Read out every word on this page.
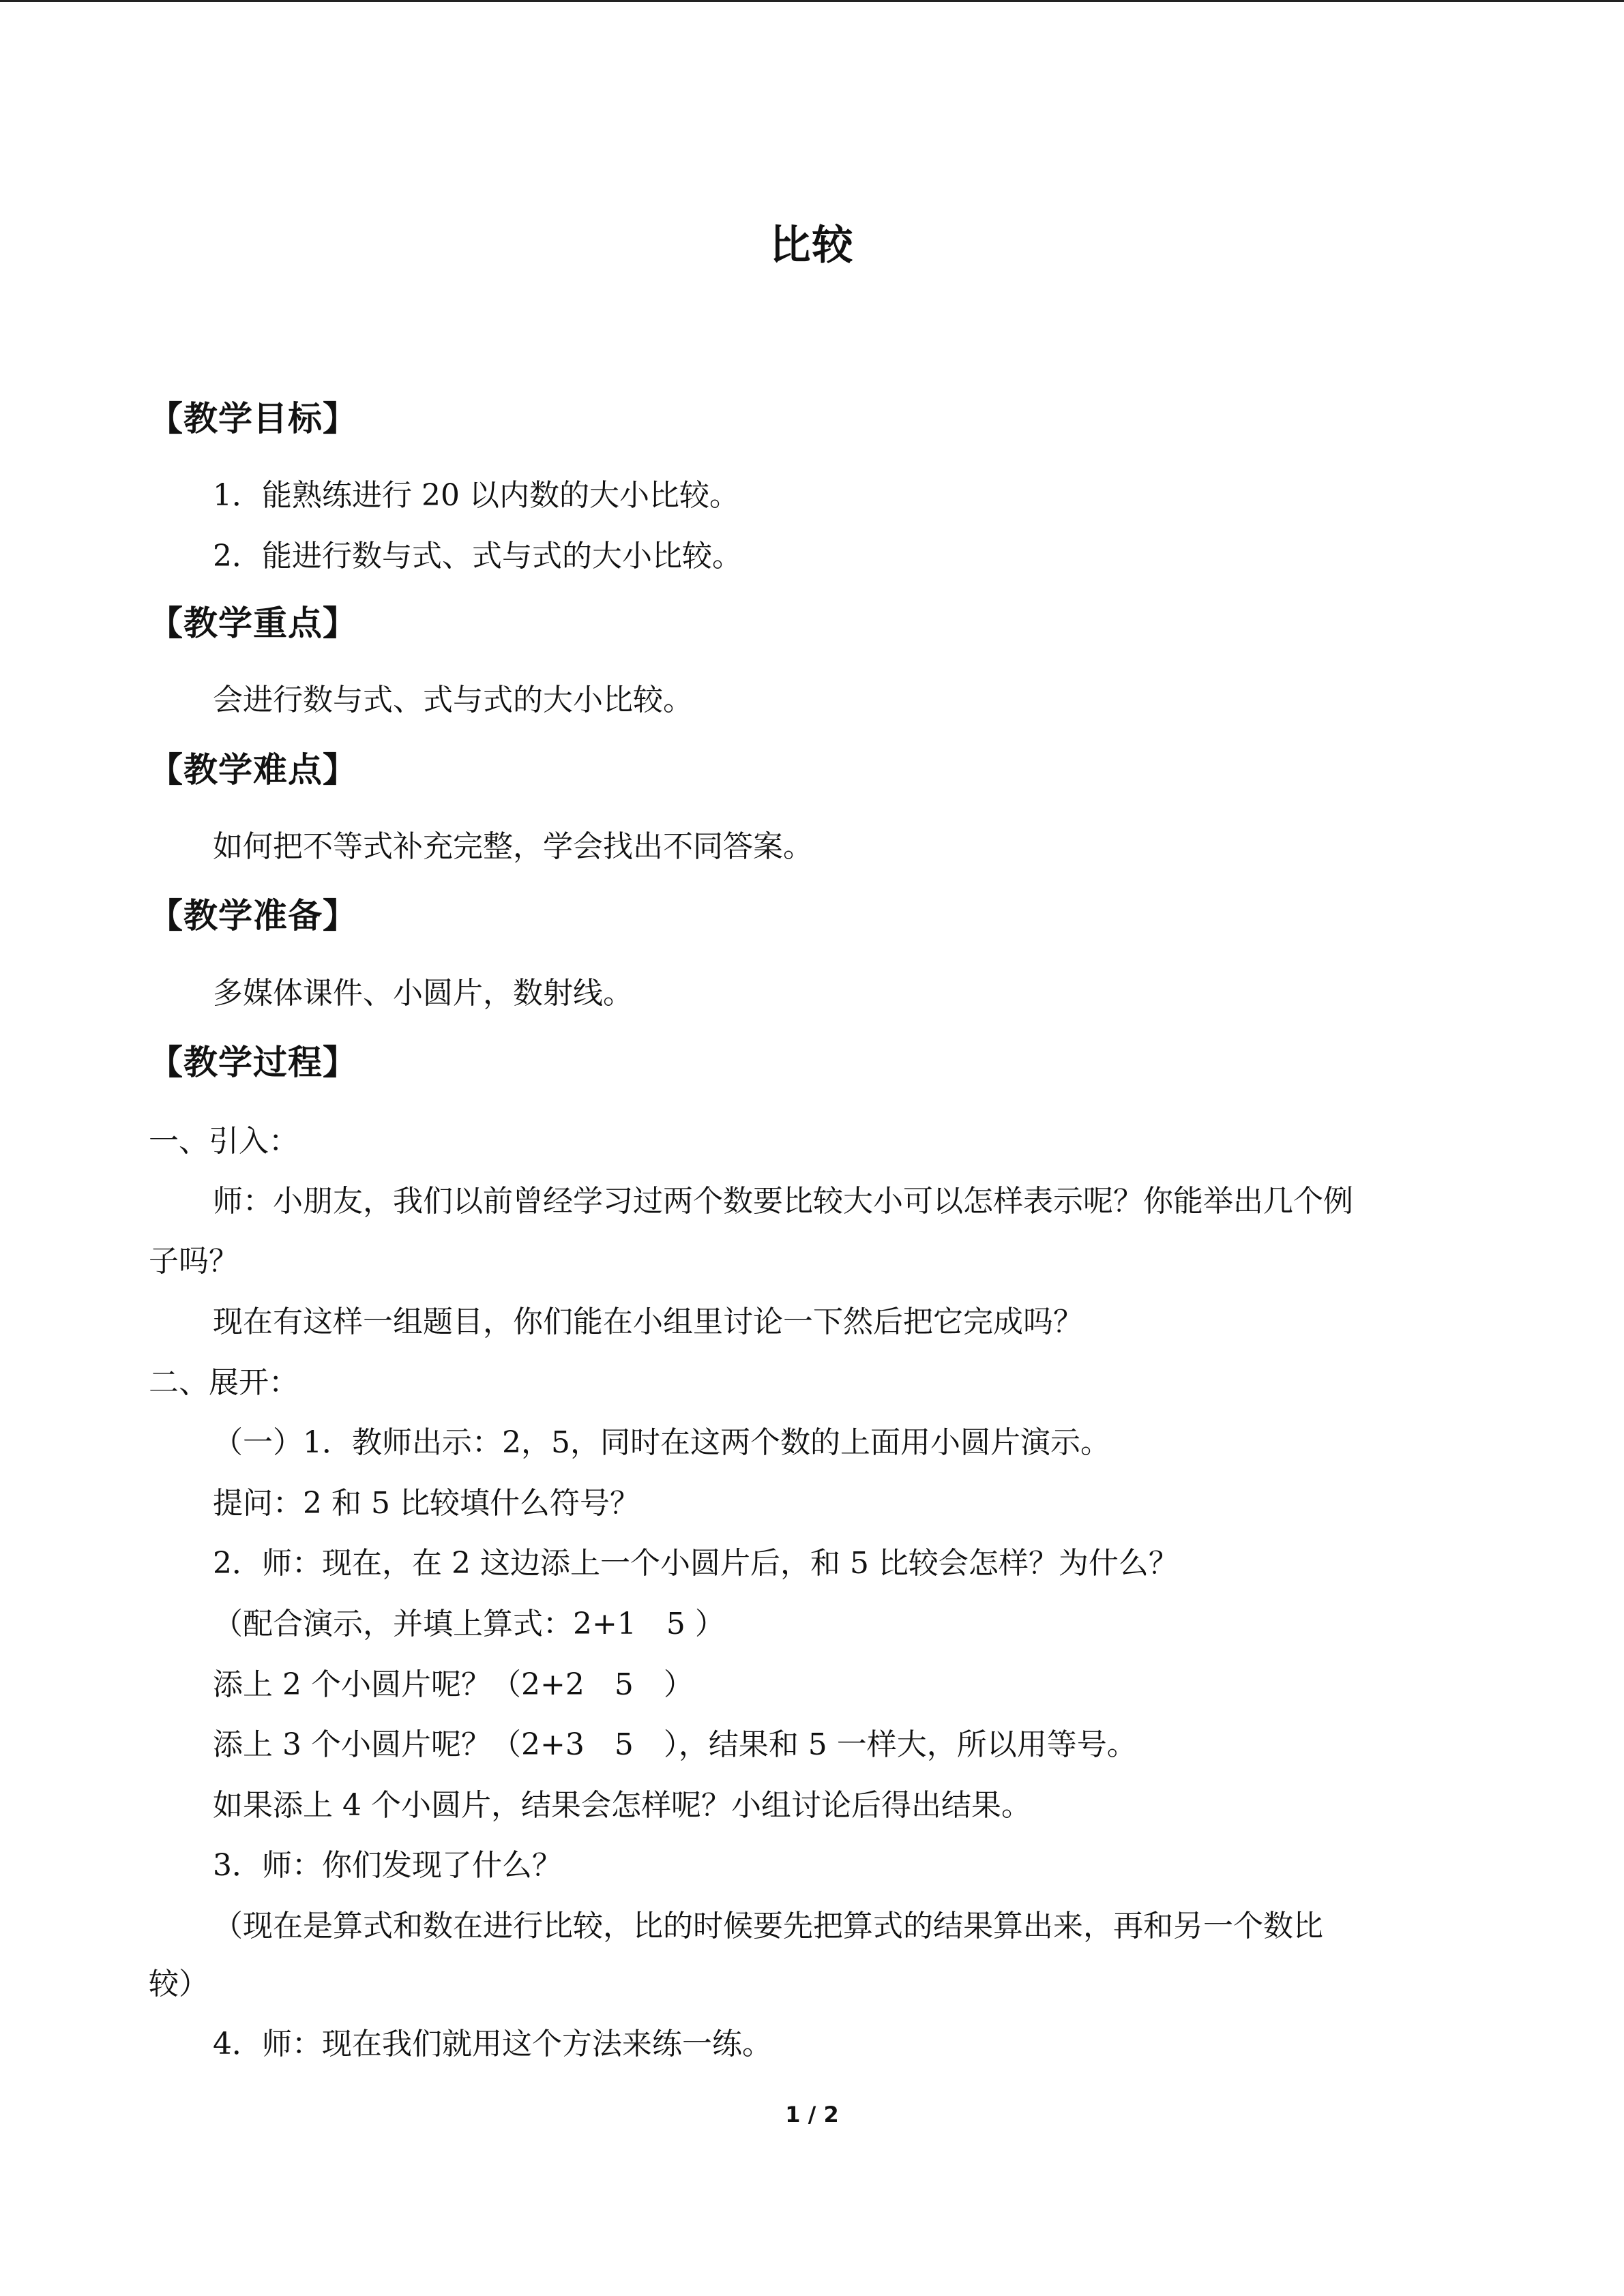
比较
【教学目标】
1．能熟练进行 20 以内数的大小比较。
2．能进行数与式、式与式的大小比较。
【教学重点】
会进行数与式、式与式的大小比较。
【教学难点】
如何把不等式补充完整，学会找出不同答案。
【教学准备】
多媒体课件、小圆片，数射线。
【教学过程】
一、引入：
师：小朋友，我们以前曾经学习过两个数要比较大小可以怎样表示呢？你能举出几个例
子吗？
现在有这样一组题目，你们能在小组里讨论一下然后把它完成吗？
二、展开：
（一）1．教师出示：2，5，同时在这两个数的上面用小圆片演示。
提问：2 和 5 比较填什么符号？
2．师：现在，在 2 这边添上一个小圆片后，和 5 比较会怎样？为什么？
（配合演示，并填上算式：2+1　5 ）
添上 2 个小圆片呢？（2+2　5　）
添上 3 个小圆片呢？（2+3　5　），结果和 5 一样大，所以用等号。
如果添上 4 个小圆片，结果会怎样呢？小组讨论后得出结果。
3．师：你们发现了什么？
（现在是算式和数在进行比较，比的时候要先把算式的结果算出来，再和另一个数比
较）
4．师：现在我们就用这个方法来练一练。
1 / 2
